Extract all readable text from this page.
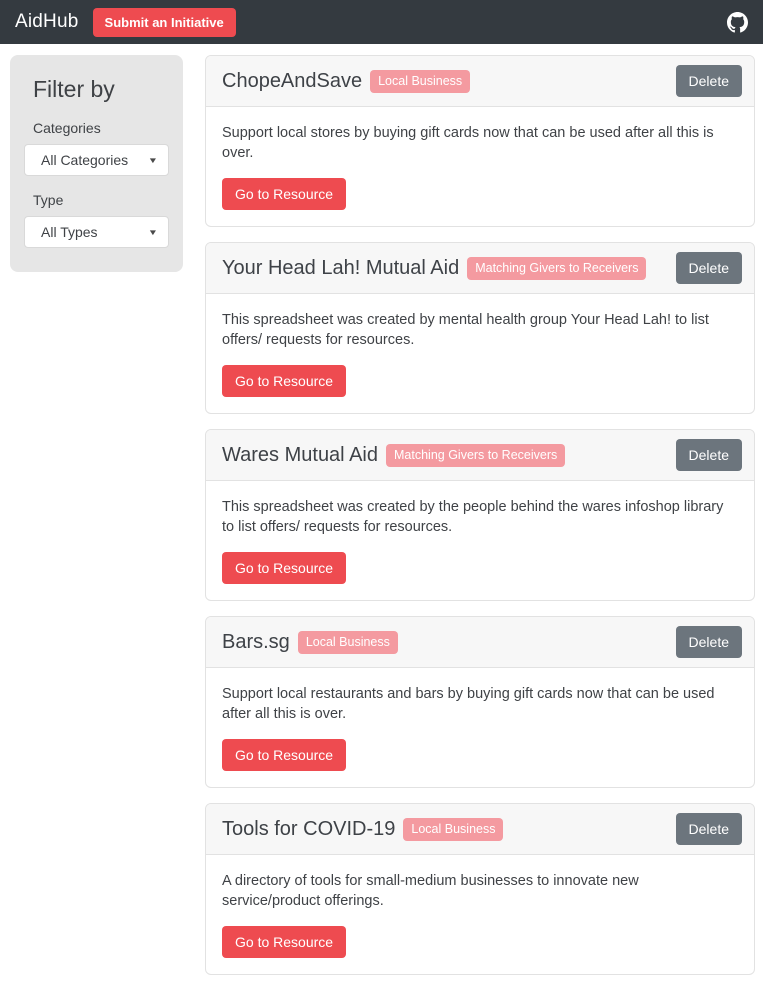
AidHub	Submit an Initiative
Filter by
Categories
All Categories ▼
Type
All Types	▼
ChopeAndSave	Local Business	Delete

Support local stores by buying gift cards now that can be used after all this is over.

Go to Resource
Your Head Lah! Mutual Aid	Matching Givers to Receivers	Delete

This spreadsheet was created by mental health group Your Head Lah! to list offers/ requests for resources.

Go to Resource
Wares Mutual Aid	Matching Givers to Receivers	Delete

This spreadsheet was created by the people behind the wares infoshop library to list offers/ requests for resources.

Go to Resource
Bars.sg	Local Business	Delete

Support local restaurants and bars by buying gift cards now that can be used after all this is over.

Go to Resource
Tools for COVID-19	Local Business	Delete

A directory of tools for small-medium businesses to innovate new service/product offerings.

Go to Resource
